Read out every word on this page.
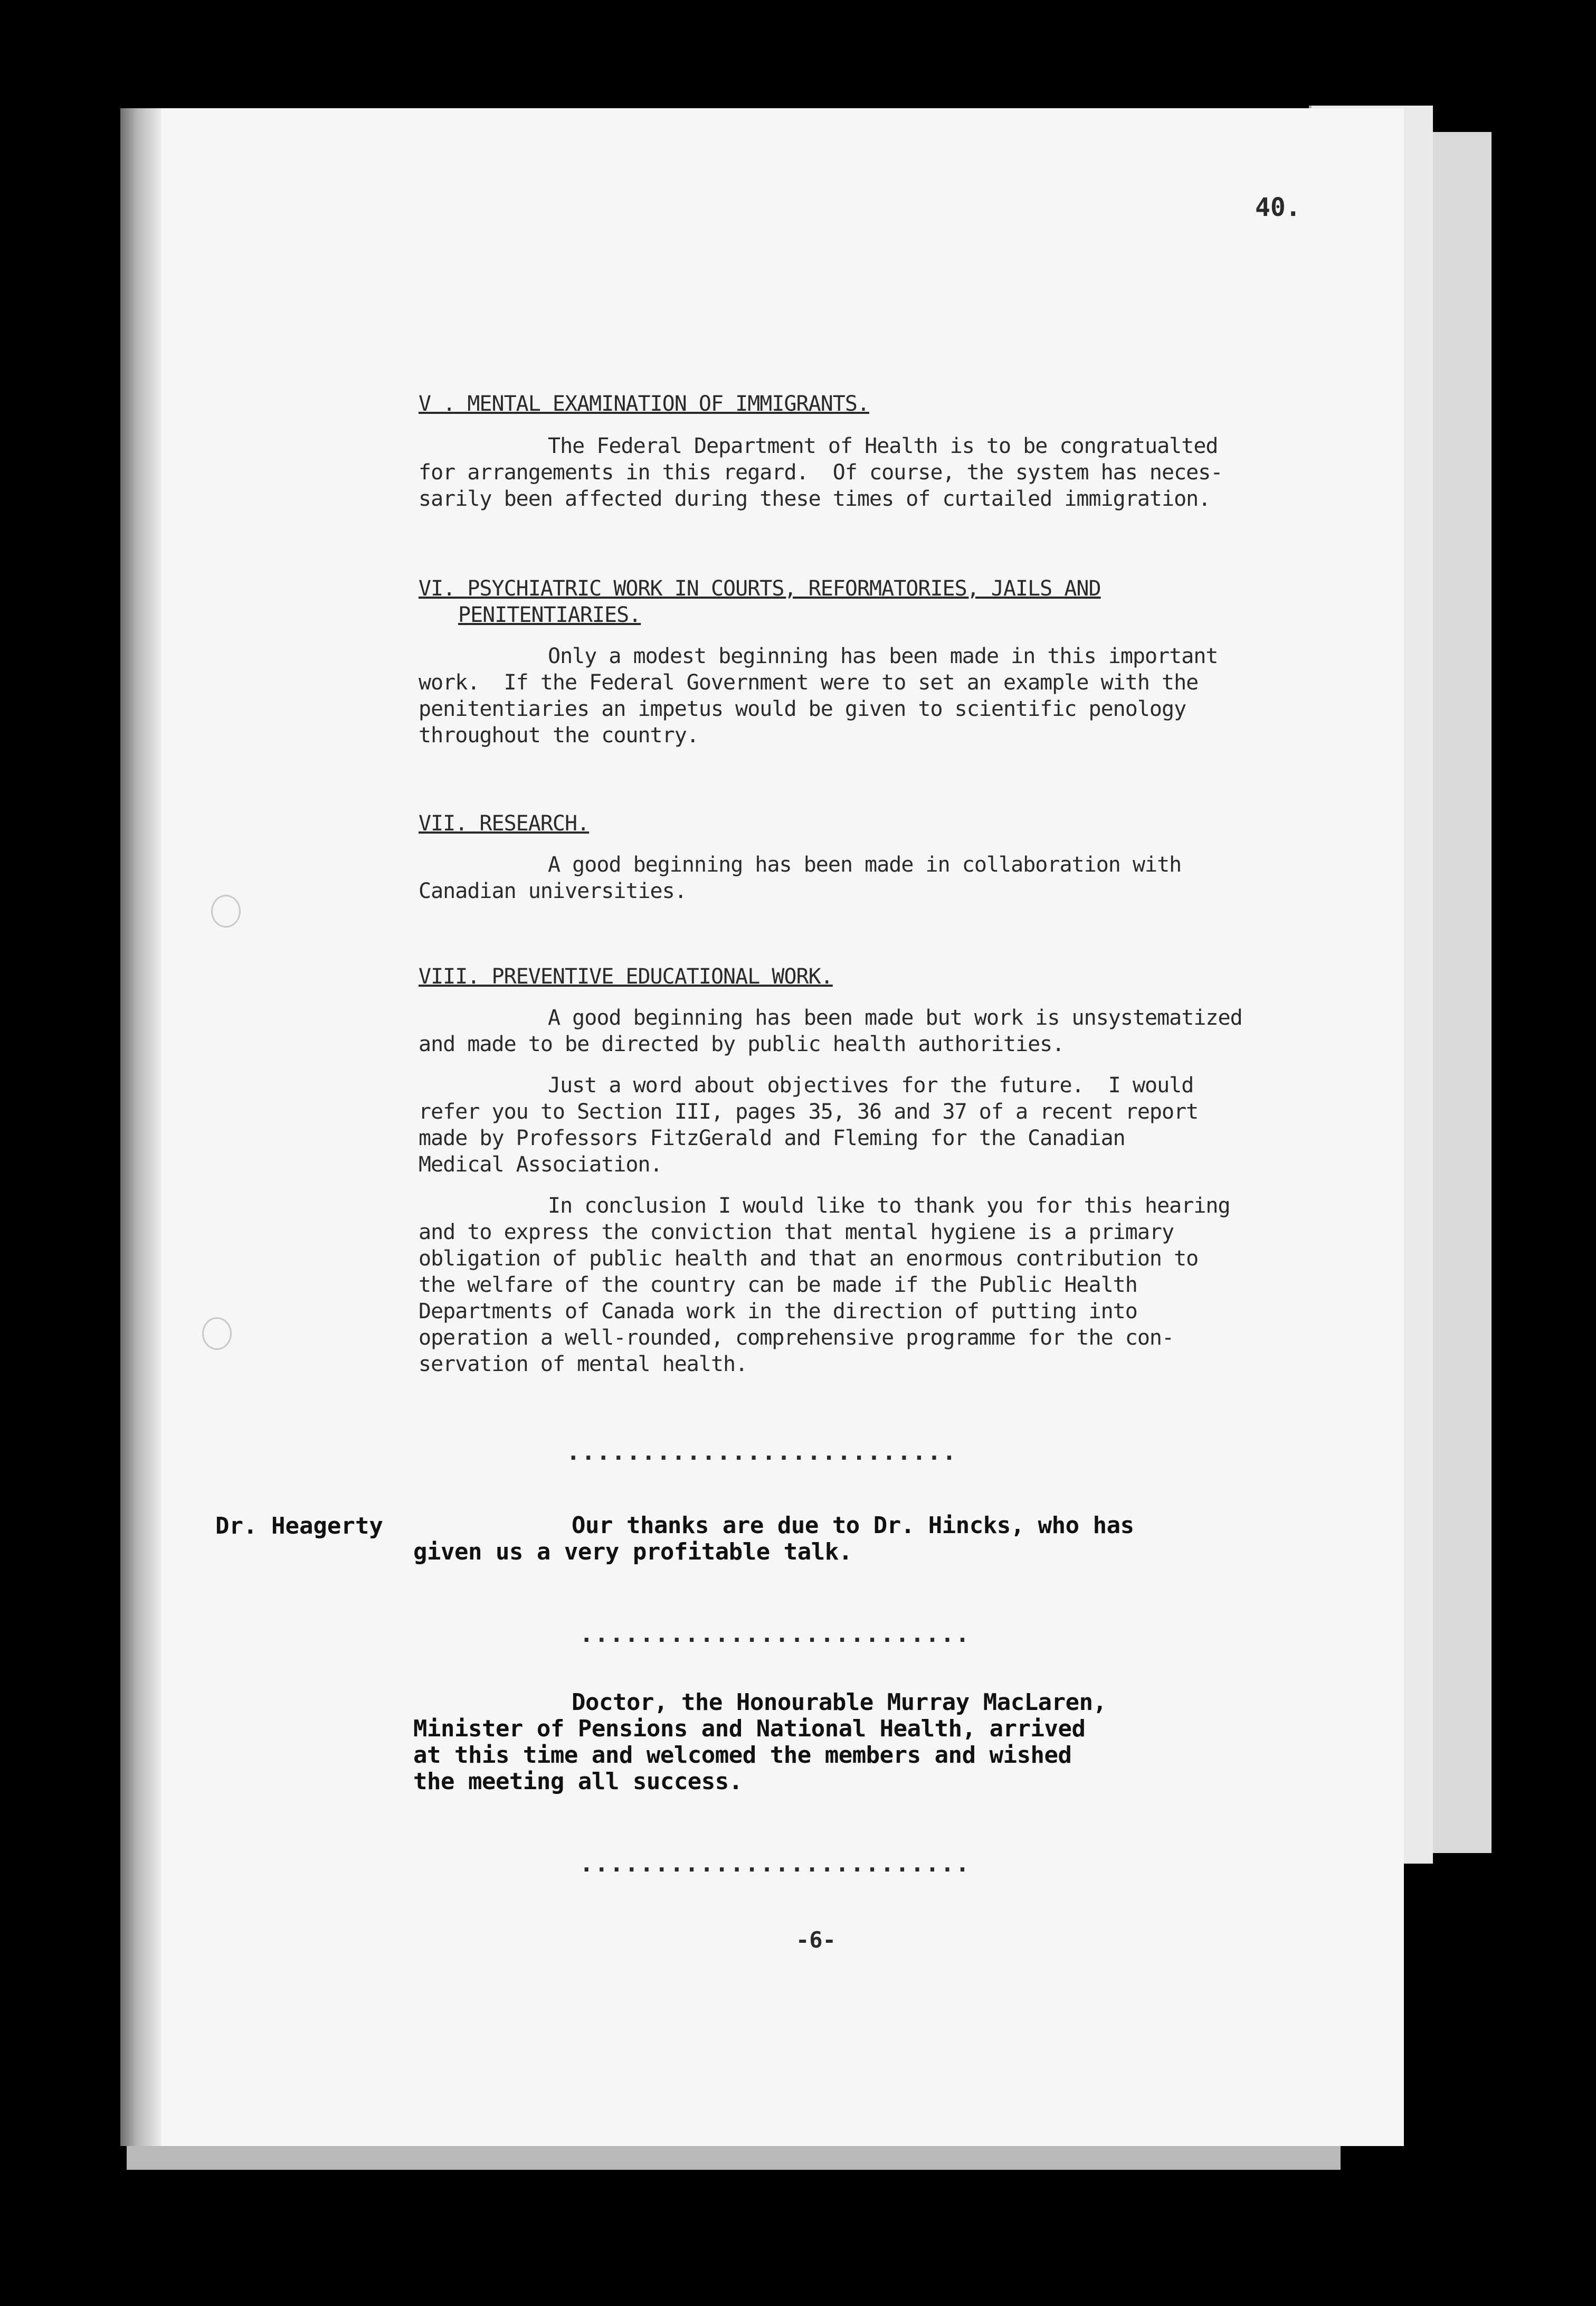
40.

V . MENTAL EXAMINATION OF IMMIGRANTS.

The Federal Department of Health is to be congratualted
for arrangements in this regard.  Of course, the system has neces-
sarily been affected during these times of curtailed immigration.

VI. PSYCHIATRIC WORK IN COURTS, REFORMATORIES, JAILS AND

PENITENTIARIES.

Only a modest beginning has been made in this important
work.  If the Federal Government were to set an example with the
penitentiaries an impetus would be given to scientific penology
throughout the country.

VII. RESEARCH.

A good beginning has been made in collaboration with
Canadian universities.

VIII. PREVENTIVE EDUCATIONAL WORK.

A good beginning has been made but work is unsystematized
and made to be directed by public health authorities.
Just a word about objectives for the future.  I would
refer you to Section III, pages 35, 36 and 37 of a recent report
made by Professors FitzGerald and Fleming for the Canadian
Medical Association.
In conclusion I would like to thank you for this hearing
and to express the conviction that mental hygiene is a primary
obligation of public health and that an enormous contribution to
the welfare of the country can be made if the Public Health
Departments of Canada work in the direction of putting into
operation a well-rounded, comprehensive programme for the con-
servation of mental health.
..........................
Dr. Heagerty	Our thanks are due to Dr. Hincks, who has
given us a very profitable talk.
..........................
Doctor, the Honourable Murray MacLaren,
Minister of Pensions and National Health, arrived
at this time and welcomed the members and wished
the meeting all success.
..........................
-6-
